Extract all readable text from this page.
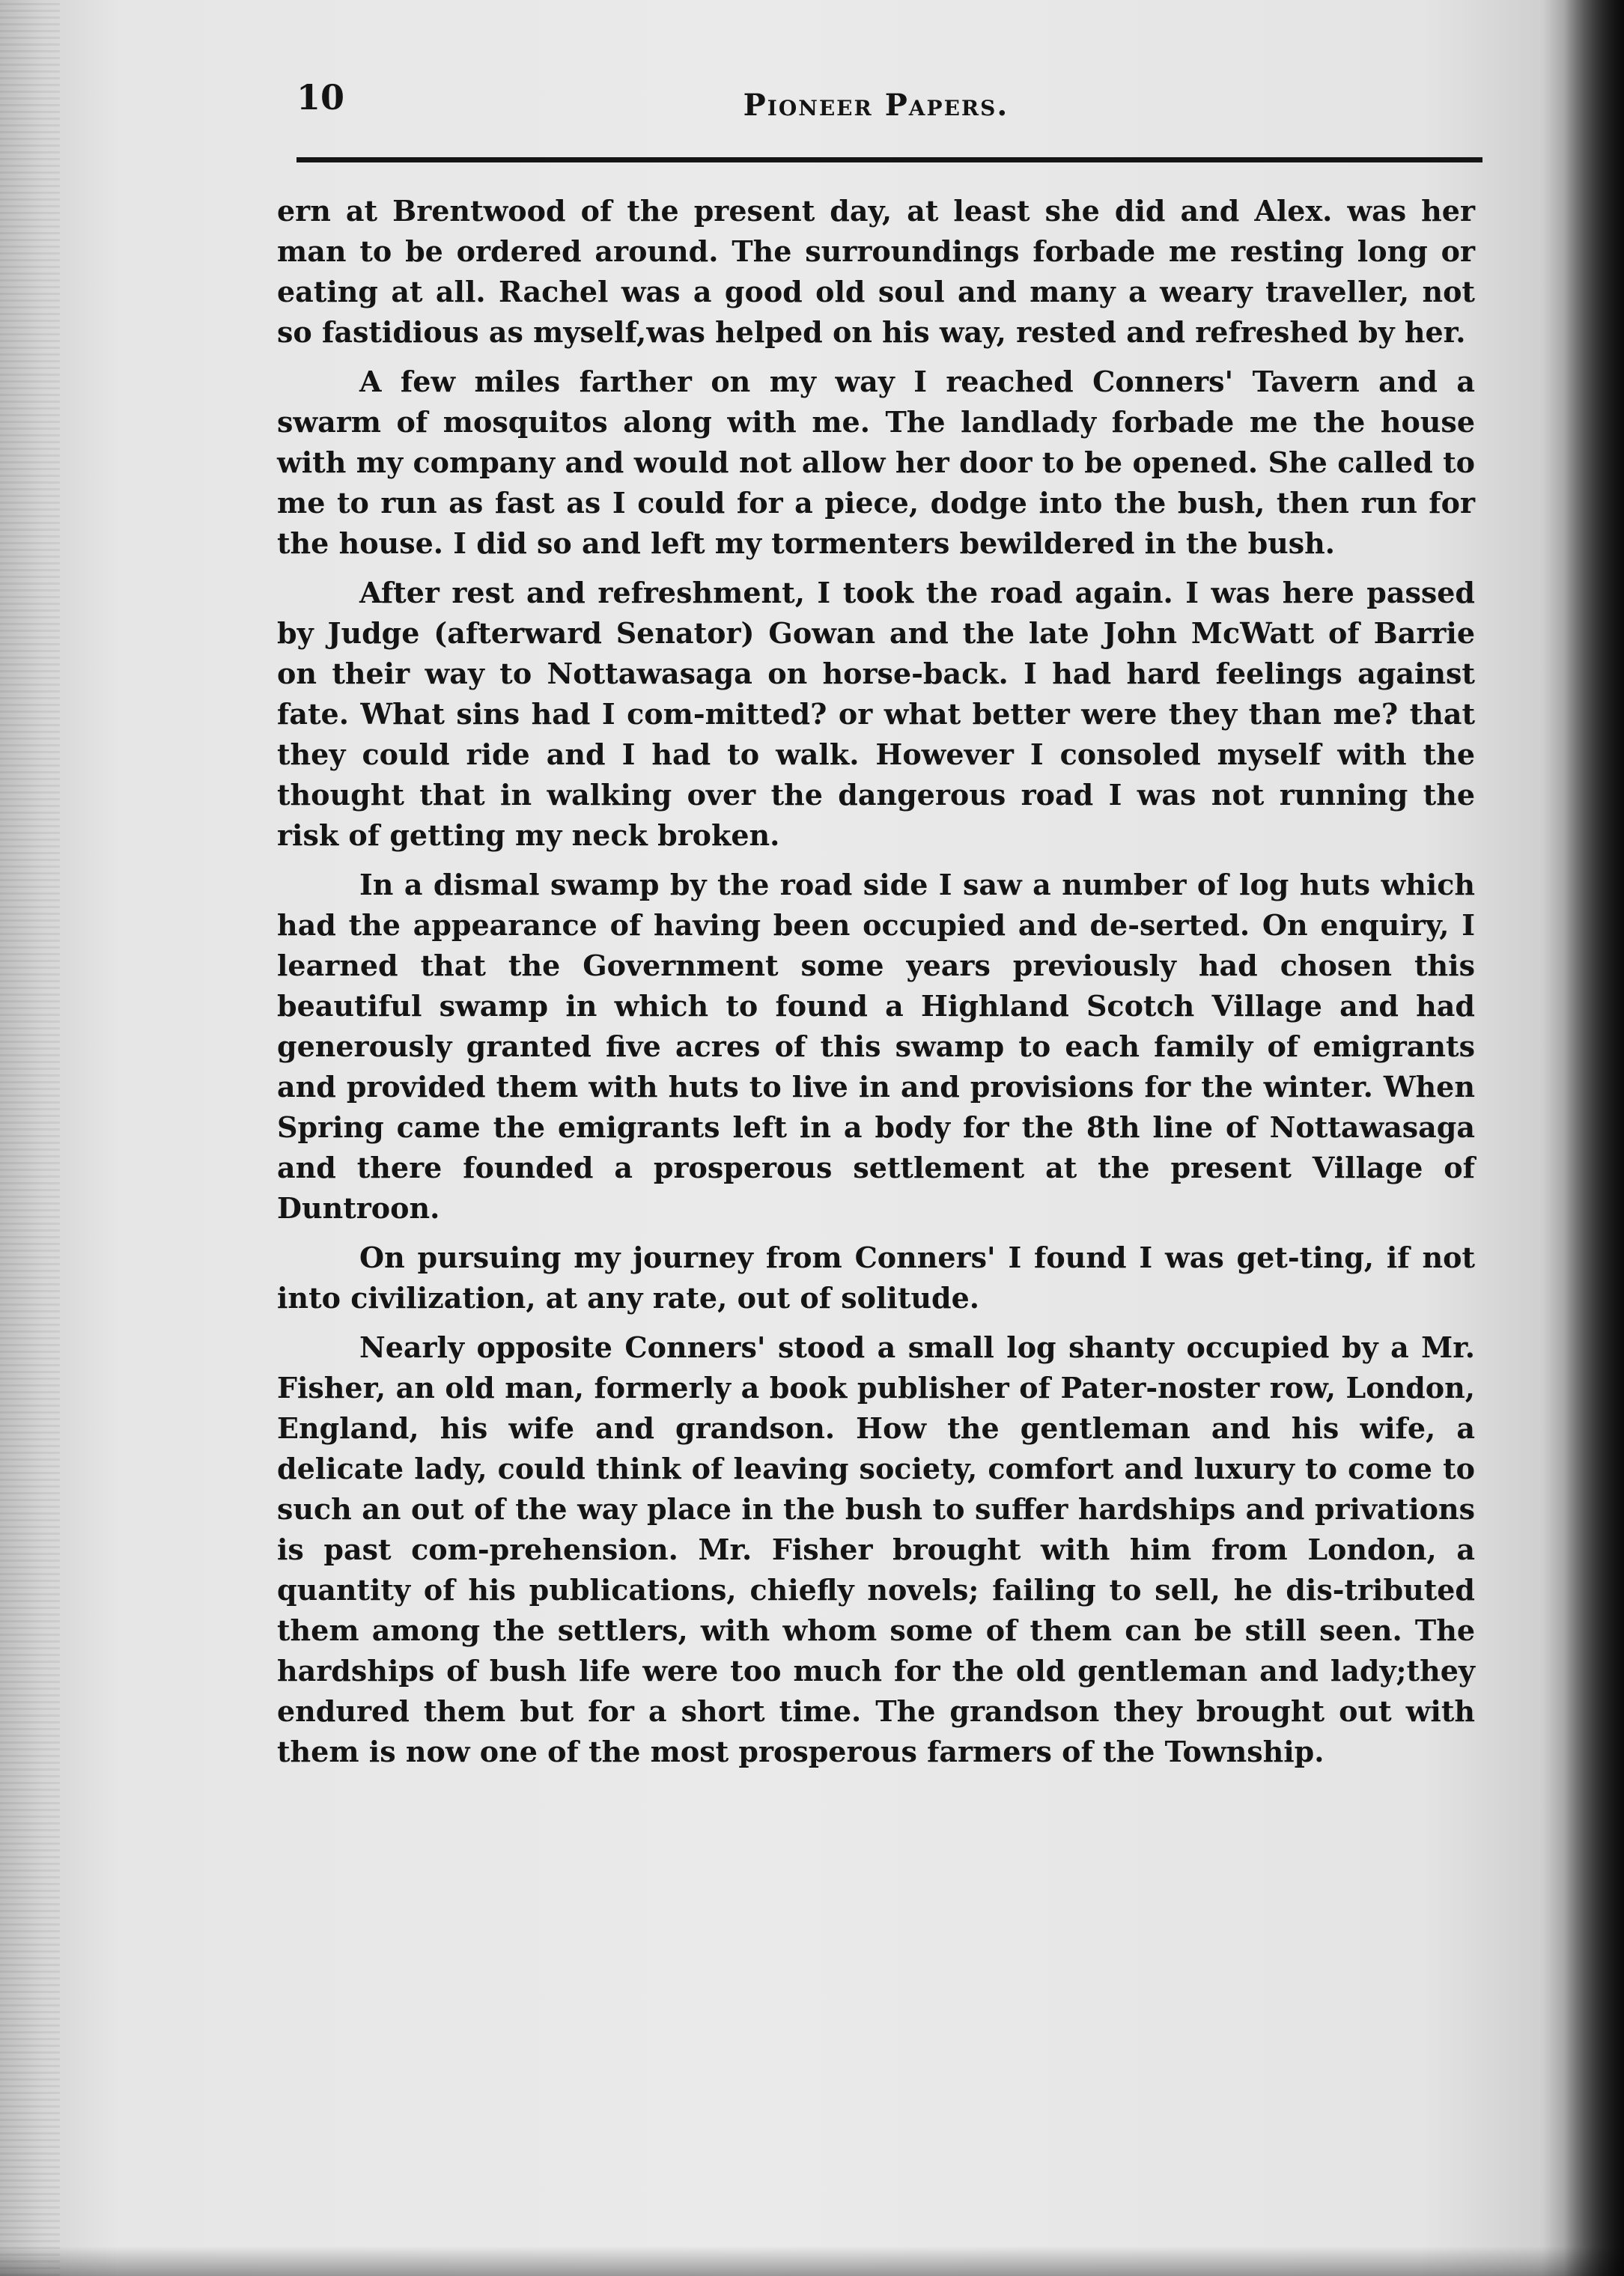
10	Pioneer Papers.

ern at Brentwood of the present day, at least she did and Alex. was her man to be ordered around. The surroundings forbade me resting long or eating at all. Rachel was a good old soul and many a weary traveller, not so fastidious as myself,was helped on his way, rested and refreshed by her.

A few miles farther on my way I reached Conners' Tavern and a swarm of mosquitos along with me. The landlady forbade me the house with my company and would not allow her door to be opened. She called to me to run as fast as I could for a piece, dodge into the bush, then run for the house. I did so and left my tormenters bewildered in the bush.

After rest and refreshment, I took the road again. I was here passed by Judge (afterward Senator) Gowan and the late John McWatt of Barrie on their way to Nottawasaga on horse-back. I had hard feelings against fate. What sins had I com-mitted? or what better were they than me? that they could ride and I had to walk. However I consoled myself with the thought that in walking over the dangerous road I was not running the risk of getting my neck broken.

In a dismal swamp by the road side I saw a number of log huts which had the appearance of having been occupied and de-serted. On enquiry, I learned that the Government some years previously had chosen this beautiful swamp in which to found a Highland Scotch Village and had generously granted five acres of this swamp to each family of emigrants and provided them with huts to live in and provisions for the winter. When Spring came the emigrants left in a body for the 8th line of Nottawasaga and there founded a prosperous settlement at the present Village of Duntroon.

On pursuing my journey from Conners' I found I was get-ting, if not into civilization, at any rate, out of solitude.

Nearly opposite Conners' stood a small log shanty occupied by a Mr. Fisher, an old man, formerly a book publisher of Pater-noster row, London, England, his wife and grandson. How the gentleman and his wife, a delicate lady, could think of leaving society, comfort and luxury to come to such an out of the way place in the bush to suffer hardships and privations is past com-prehension. Mr. Fisher brought with him from London, a quantity of his publications, chiefly novels; failing to sell, he dis-tributed them among the settlers, with whom some of them can be still seen. The hardships of bush life were too much for the old gentleman and lady;they endured them but for a short time. The grandson they brought out with them is now one of the most prosperous farmers of the Township.
